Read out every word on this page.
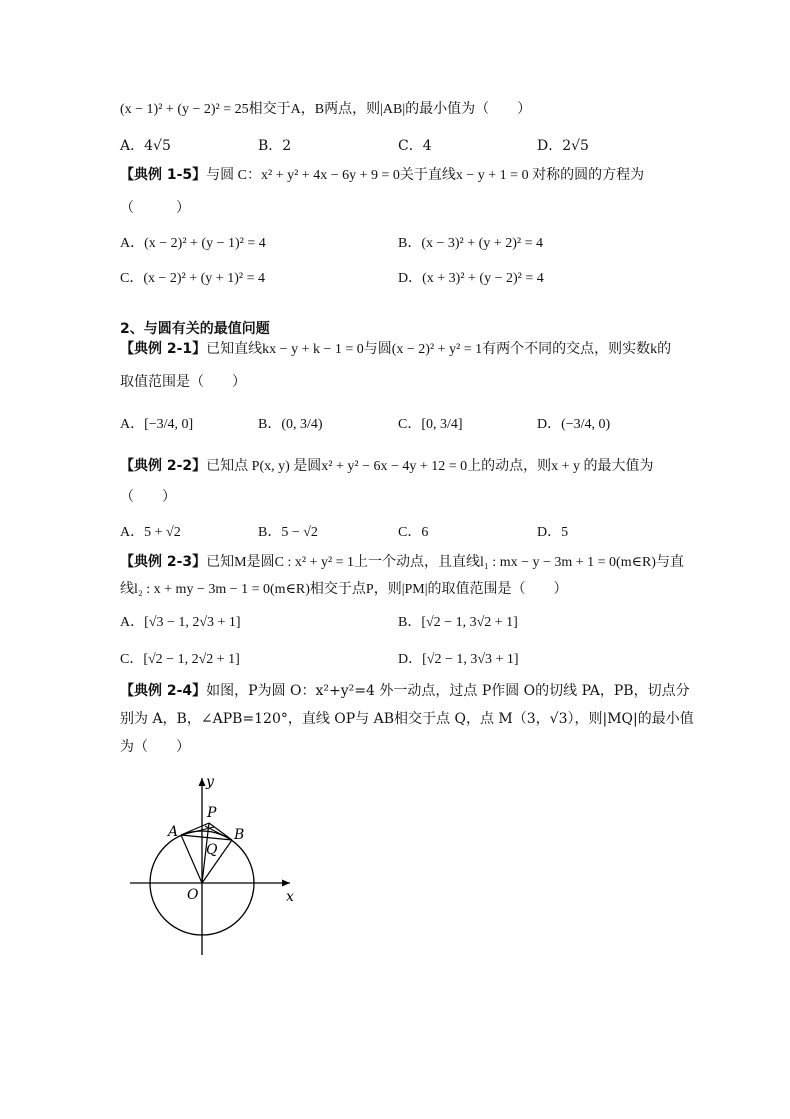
(x − 1)² + (y − 2)² = 25相交于A，B两点，则|AB|的最小值为（　　）
A．4√5	B．2	C．4	D．2√5
【典例 1-5】与圆 C：x² + y² + 4x − 6y + 9 = 0关于直线x − y + 1 = 0 对称的圆的方程为
（　　　）
A．(x − 2)² + (y − 1)² = 4	B．(x − 3)² + (y + 2)² = 4
C．(x − 2)² + (y + 1)² = 4	D．(x + 3)² + (y − 2)² = 4
2、与圆有关的最值问题
【典例 2-1】已知直线kx − y + k − 1 = 0与圆(x − 2)² + y² = 1有两个不同的交点，则实数k的
取值范围是（　　）
A．[−3/4, 0]	B．(0, 3/4)	C．[0, 3/4]	D．(−3/4, 0)
【典例 2-2】已知点 P(x, y) 是圆x² + y² − 6x − 4y + 12 = 0上的动点，则x + y 的最大值为
（　　）
A．5 + √2	B．5 − √2	C．6	D．5
【典例 2-3】已知M是圆C : x² + y² = 1上一个动点，且直线l₁ : mx − y − 3m + 1 = 0(m∈R)与直
线l₂ : x + my − 3m − 1 = 0(m∈R)相交于点P，则|PM|的取值范围是（　　）
A．[√3 − 1, 2√3 + 1]	B．[√2 − 1, 3√2 + 1]
C．[√2 − 1, 2√2 + 1]	D．[√2 − 1, 3√3 + 1]
【典例 2-4】如图，P为圆 O：x²+y²=4 外一动点，过点 P作圆 O的切线 PA，PB，切点分
别为 A，B，∠APB=120°，直线 OP与 AB相交于点 Q，点 M（3，√3），则|MQ|的最小值
为（　　）
y
x
P
A	B
Q
O
